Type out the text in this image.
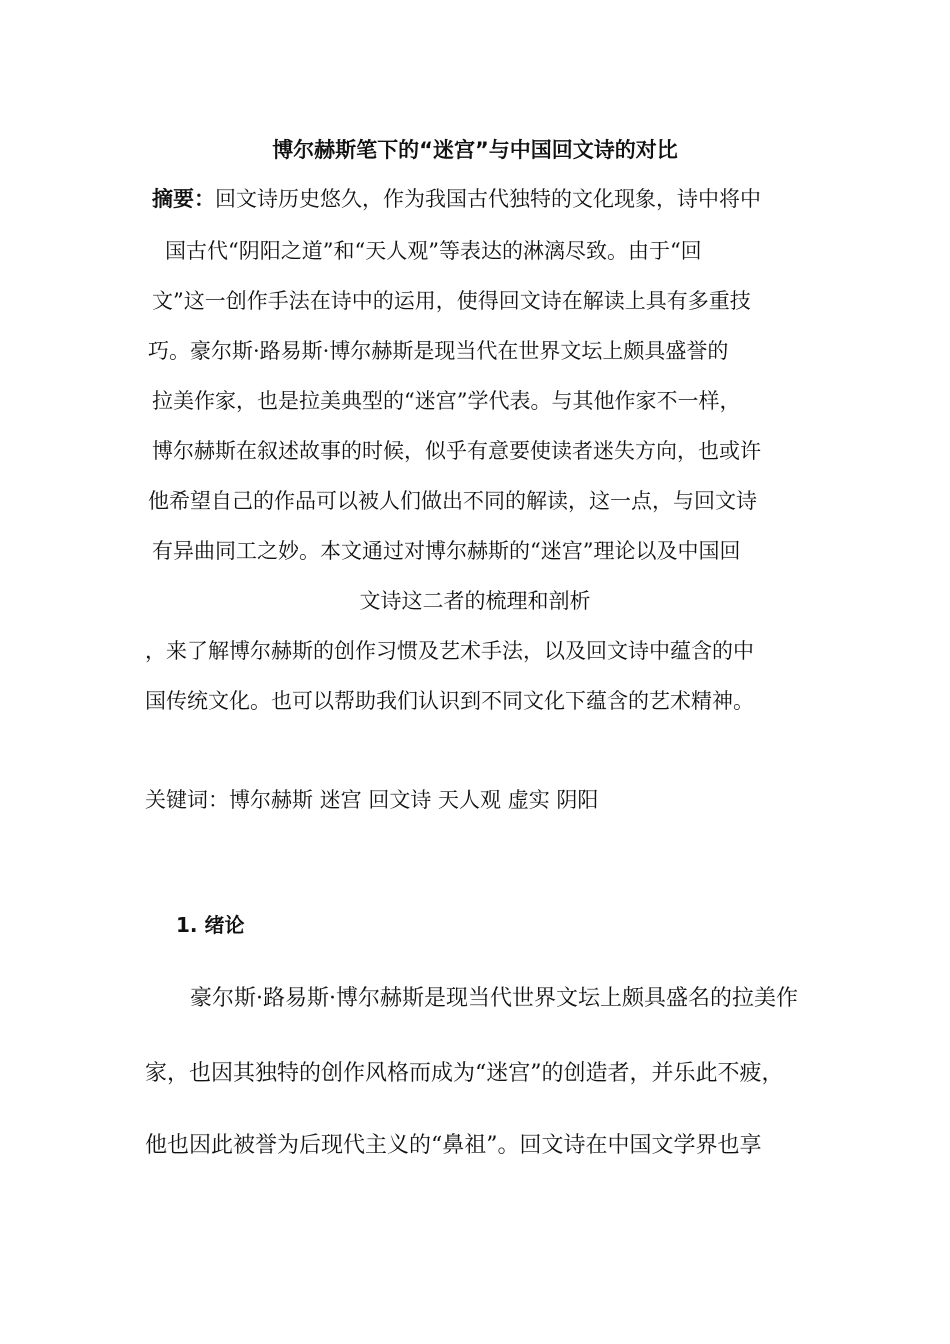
博尔赫斯笔下的“迷宫”与中国回文诗的对比
摘要：回文诗历史悠久，作为我国古代独特的文化现象，诗中将中
国古代“阴阳之道”和“天人观”等表达的淋漓尽致。由于“回
文”这一创作手法在诗中的运用，使得回文诗在解读上具有多重技
巧。豪尔斯·路易斯·博尔赫斯是现当代在世界文坛上颇具盛誉的
拉美作家，也是拉美典型的“迷宫”学代表。与其他作家不一样，
博尔赫斯在叙述故事的时候，似乎有意要使读者迷失方向，也或许
他希望自己的作品可以被人们做出不同的解读，这一点，与回文诗
有异曲同工之妙。本文通过对博尔赫斯的“迷宫”理论以及中国回
文诗这二者的梳理和剖析
，来了解博尔赫斯的创作习惯及艺术手法，以及回文诗中蕴含的中
国传统文化。也可以帮助我们认识到不同文化下蕴含的艺术精神。
关键词：博尔赫斯 迷宫 回文诗 天人观 虚实 阴阳
1. 绪论
豪尔斯·路易斯·博尔赫斯是现当代世界文坛上颇具盛名的拉美作
家，也因其独特的创作风格而成为“迷宫”的创造者，并乐此不疲，
他也因此被誉为后现代主义的“鼻祖”。回文诗在中国文学界也享
